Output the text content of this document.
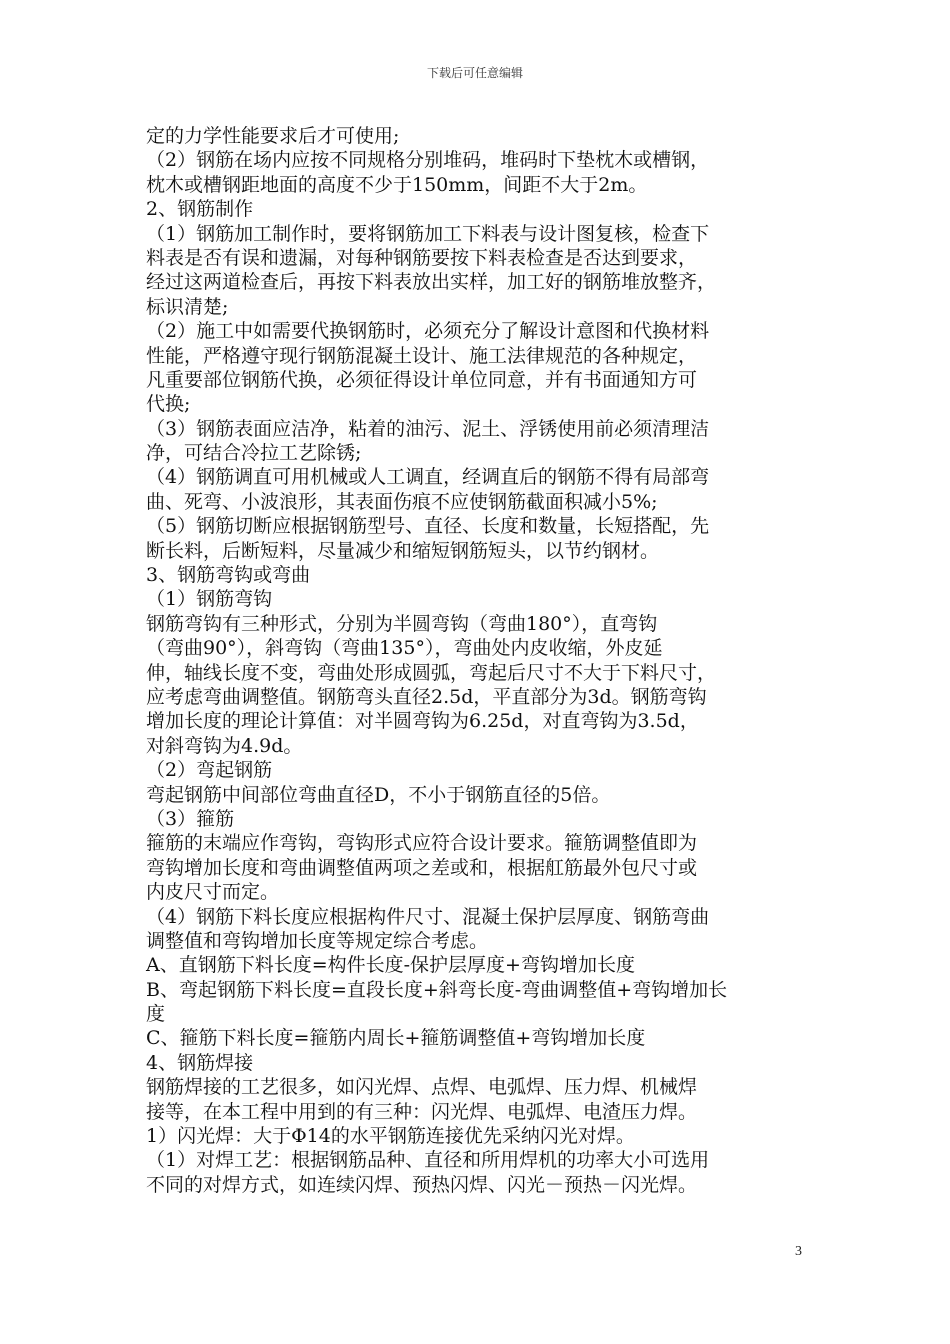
下载后可任意编辑
定的力学性能要求后才可使用;
（2）钢筋在场内应按不同规格分别堆码，堆码时下垫枕木或槽钢，
枕木或槽钢距地面的高度不少于150mm，间距不大于2m。
2、钢筋制作
（1）钢筋加工制作时，要将钢筋加工下料表与设计图复核，检查下
料表是否有误和遗漏，对每种钢筋要按下料表检查是否达到要求，
经过这两道检查后，再按下料表放出实样，加工好的钢筋堆放整齐，
标识清楚;
（2）施工中如需要代换钢筋时，必须充分了解设计意图和代换材料
性能，严格遵守现行钢筋混凝土设计、施工法律规范的各种规定，
凡重要部位钢筋代换，必须征得设计单位同意，并有书面通知方可
代换;
（3）钢筋表面应洁净，粘着的油污、泥土、浮锈使用前必须清理洁
净，可结合冷拉工艺除锈;
（4）钢筋调直可用机械或人工调直，经调直后的钢筋不得有局部弯
曲、死弯、小波浪形，其表面伤痕不应使钢筋截面积减小5%;
（5）钢筋切断应根据钢筋型号、直径、长度和数量，长短搭配，先
断长料，后断短料，尽量减少和缩短钢筋短头，以节约钢材。
3、钢筋弯钩或弯曲
（1）钢筋弯钩
钢筋弯钩有三种形式，分别为半圆弯钩（弯曲180°），直弯钩
（弯曲90°），斜弯钩（弯曲135°），弯曲处内皮收缩，外皮延
伸，轴线长度不变，弯曲处形成圆弧，弯起后尺寸不大于下料尺寸，
应考虑弯曲调整值。钢筋弯头直径2.5d，平直部分为3d。钢筋弯钩
增加长度的理论计算值：对半圆弯钩为6.25d，对直弯钩为3.5d，
对斜弯钩为4.9d。
（2）弯起钢筋
弯起钢筋中间部位弯曲直径D，不小于钢筋直径的5倍。
（3）箍筋
箍筋的末端应作弯钩，弯钩形式应符合设计要求。箍筋调整值即为
弯钩增加长度和弯曲调整值两项之差或和，根据舡筋最外包尺寸或
内皮尺寸而定。
（4）钢筋下料长度应根据构件尺寸、混凝土保护层厚度、钢筋弯曲
调整值和弯钩增加长度等规定综合考虑。
A、直钢筋下料长度=构件长度-保护层厚度+弯钩增加长度
B、弯起钢筋下料长度=直段长度+斜弯长度-弯曲调整值+弯钩增加长
度
C、箍筋下料长度=箍筋内周长+箍筋调整值+弯钩增加长度
4、钢筋焊接
钢筋焊接的工艺很多，如闪光焊、点焊、电弧焊、压力焊、机械焊
接等，在本工程中用到的有三种：闪光焊、电弧焊、电渣压力焊。
1）闪光焊：大于Φ14的水平钢筋连接优先采纳闪光对焊。
（1）对焊工艺：根据钢筋品种、直径和所用焊机的功率大小可选用
不同的对焊方式，如连续闪焊、预热闪焊、闪光－预热－闪光焊。
3
